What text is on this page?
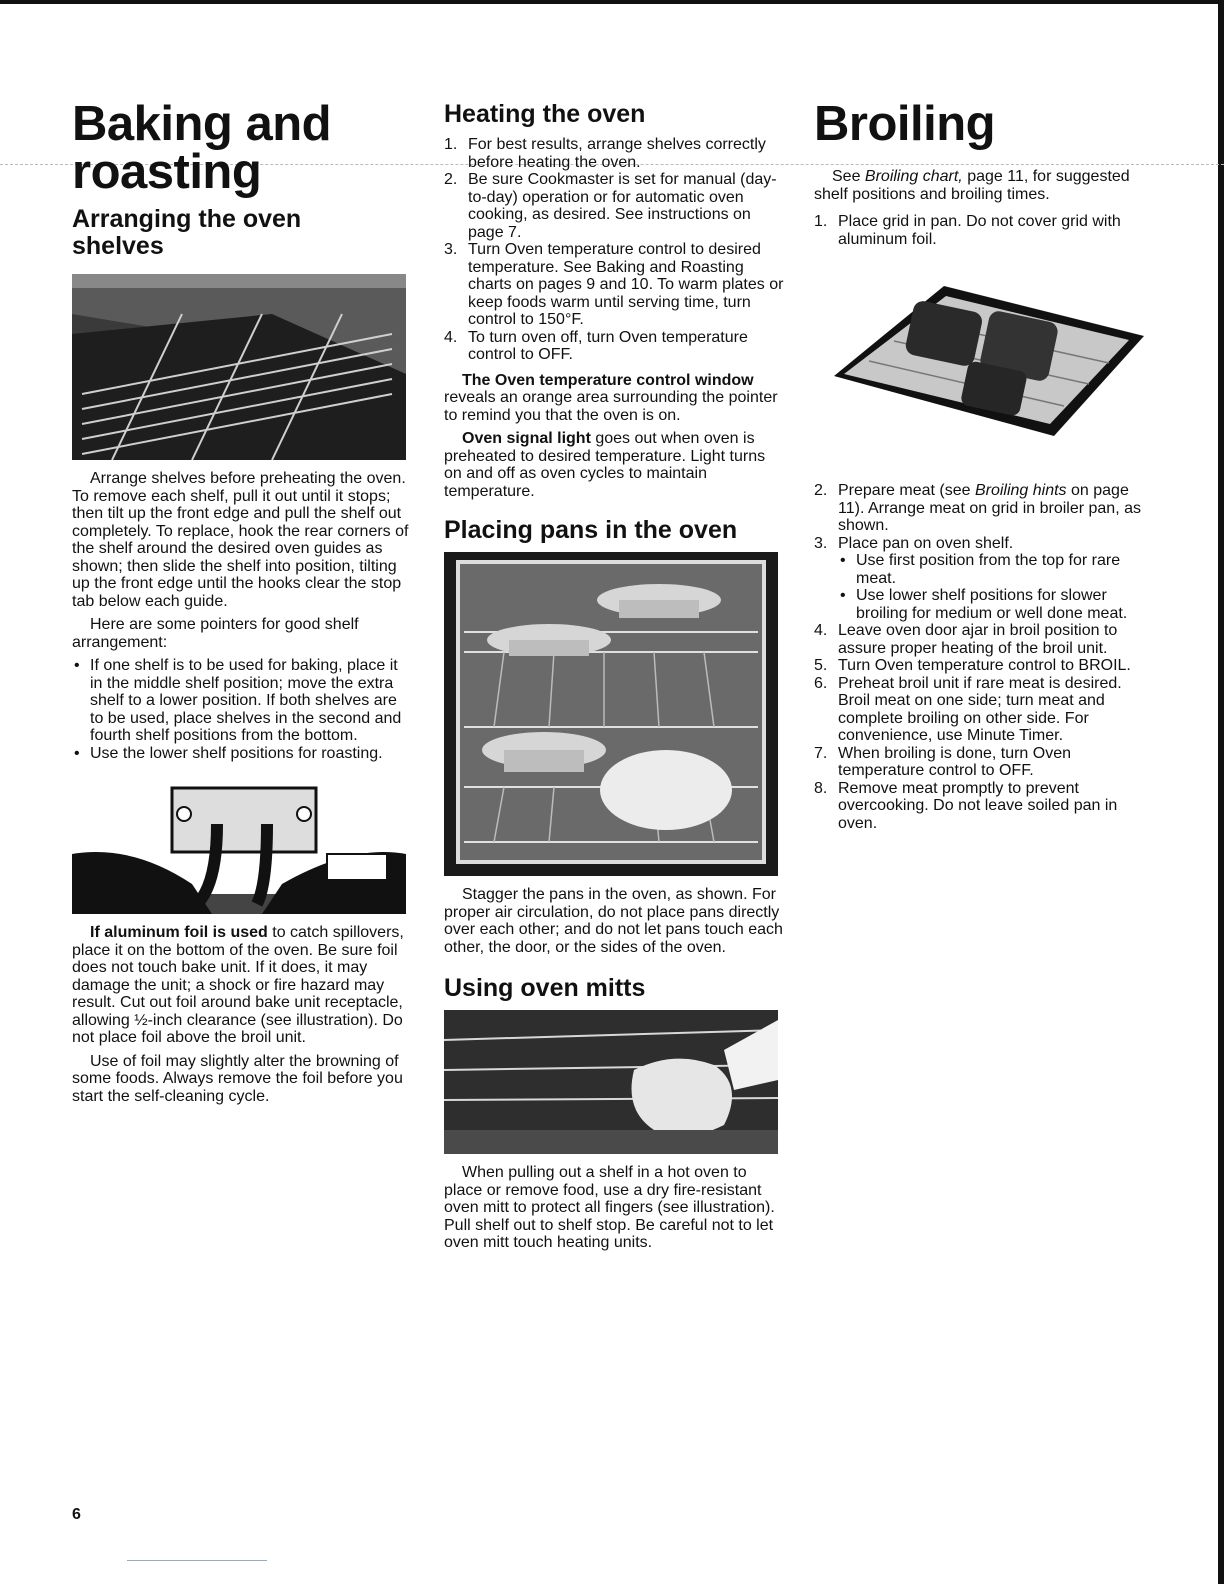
Baking and
roasting
Arranging the oven
shelves

Arrange shelves before preheating the oven. To remove each shelf, pull it out until it stops; then tilt up the front edge and pull the shelf out completely. To replace, hook the rear corners of the shelf around the desired oven guides as shown; then slide the shelf into position, tilting up the front edge until the hooks clear the stop tab below each guide.

Here are some pointers for good shelf arrangement:

• If one shelf is to be used for baking, place it in the middle shelf position; move the extra shelf to a lower position. If both shelves are to be used, place shelves in the second and fourth shelf positions from the bottom.
• Use the lower shelf positions for roasting.

If aluminum foil is used to catch spillovers, place it on the bottom of the oven. Be sure foil does not touch bake unit. If it does, it may damage the unit; a shock or fire hazard may result. Cut out foil around bake unit receptacle, allowing ½-inch clearance (see illustration). Do not place foil above the broil unit.

Use of foil may slightly alter the browning of some foods. Always remove the foil before you start the self-cleaning cycle.

Heating the oven
1. For best results, arrange shelves correctly before heating the oven.
2. Be sure Cookmaster is set for manual (day-to-day) operation or for automatic oven cooking, as desired. See instructions on page 7.
3. Turn Oven temperature control to desired temperature. See Baking and Roasting charts on pages 9 and 10. To warm plates or keep foods warm until serving time, turn control to 150°F.
4. To turn oven off, turn Oven temperature control to OFF.

The Oven temperature control window reveals an orange area surrounding the pointer to remind you that the oven is on.

Oven signal light goes out when oven is preheated to desired temperature. Light turns on and off as oven cycles to maintain temperature.

Placing pans in the oven

Stagger the pans in the oven, as shown. For proper air circulation, do not place pans directly over each other; and do not let pans touch each other, the door, or the sides of the oven.

Using oven mitts

When pulling out a shelf in a hot oven to place or remove food, use a dry fire-resistant oven mitt to protect all fingers (see illustration). Pull shelf out to shelf stop. Be careful not to let oven mitt touch heating units.

Broiling

See Broiling chart, page 11, for suggested shelf positions and broiling times.

1. Place grid in pan. Do not cover grid with aluminum foil.
2. Prepare meat (see Broiling hints on page 11). Arrange meat on grid in broiler pan, as shown.
3. Place pan on oven shelf.
• Use first position from the top for rare meat.
• Use lower shelf positions for slower broiling for medium or well done meat.
4. Leave oven door ajar in broil position to assure proper heating of the broil unit.
5. Turn Oven temperature control to BROIL.
6. Preheat broil unit if rare meat is desired. Broil meat on one side; turn meat and complete broiling on other side. For convenience, use Minute Timer.
7. When broiling is done, turn Oven temperature control to OFF.
8. Remove meat promptly to prevent overcooking. Do not leave soiled pan in oven.
6
